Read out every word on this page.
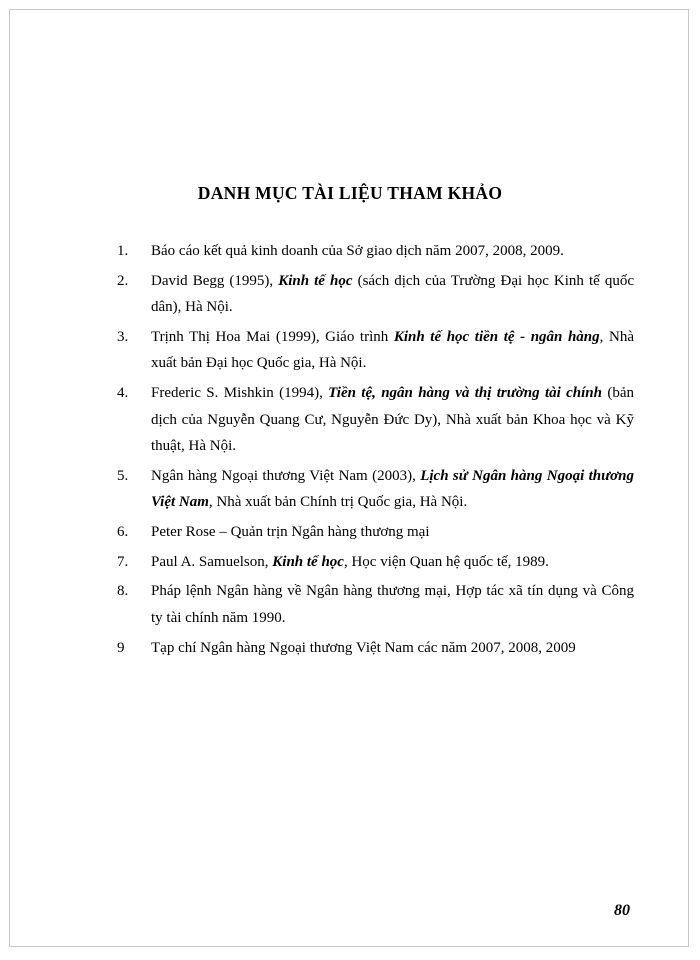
DANH MỤC TÀI LIỆU THAM KHẢO
1. Báo cáo kết quả kinh doanh của Sở giao dịch năm 2007, 2008, 2009.
2. David Begg (1995), Kinh tế học (sách dịch của Trường Đại học Kinh tế quốc dân), Hà Nội.
3. Trịnh Thị Hoa Mai (1999), Giáo trình Kinh tế học tiền tệ - ngân hàng, Nhà xuất bản Đại học Quốc gia, Hà Nội.
4. Frederic S. Mishkin (1994), Tiền tệ, ngân hàng và thị trường tài chính (bản dịch của Nguyễn Quang Cư, Nguyễn Đức Dy), Nhà xuất bản Khoa học và Kỹ thuật, Hà Nội.
5. Ngân hàng Ngoại thương Việt Nam (2003), Lịch sử Ngân hàng Ngoại thương Việt Nam, Nhà xuất bản Chính trị Quốc gia, Hà Nội.
6. Peter Rose – Quản trịn Ngân hàng thương mại
7. Paul A. Samuelson, Kinh tế học, Học viện Quan hệ quốc tế, 1989.
8. Pháp lệnh Ngân hàng về Ngân hàng thương mại, Hợp tác xã tín dụng và Công ty tài chính năm 1990.
9 Tạp chí Ngân hàng Ngoại thương Việt Nam các năm 2007, 2008, 2009
80
